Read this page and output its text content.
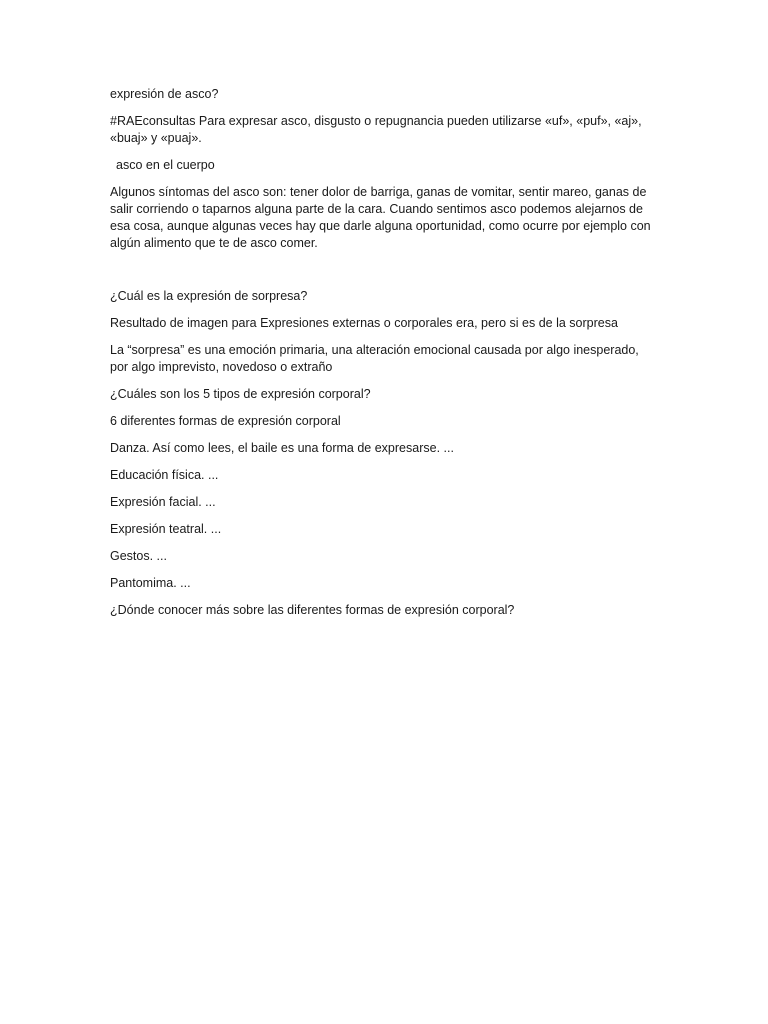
expresión de asco?

#RAEconsultas Para expresar asco, disgusto o repugnancia pueden utilizarse «uf», «puf», «aj», «buaj» y «puaj».

asco en el cuerpo

Algunos síntomas del asco son: tener dolor de barriga, ganas de vomitar, sentir mareo, ganas de salir corriendo o taparnos alguna parte de la cara. Cuando sentimos asco podemos alejarnos de esa cosa, aunque algunas veces hay que darle alguna oportunidad, como ocurre por ejemplo con algún alimento que te de asco comer.

¿Cuál es la expresión de sorpresa?

Resultado de imagen para Expresiones externas o corporales era, pero si es de la sorpresa

La “sorpresa” es una emoción primaria, una alteración emocional causada por algo inesperado, por algo imprevisto, novedoso o extraño

¿Cuáles son los 5 tipos de expresión corporal?

6 diferentes formas de expresión corporal

Danza. Así como lees, el baile es una forma de expresarse. ...

Educación física. ...

Expresión facial. ...

Expresión teatral. ...

Gestos. ...

Pantomima. ...

¿Dónde conocer más sobre las diferentes formas de expresión corporal?
